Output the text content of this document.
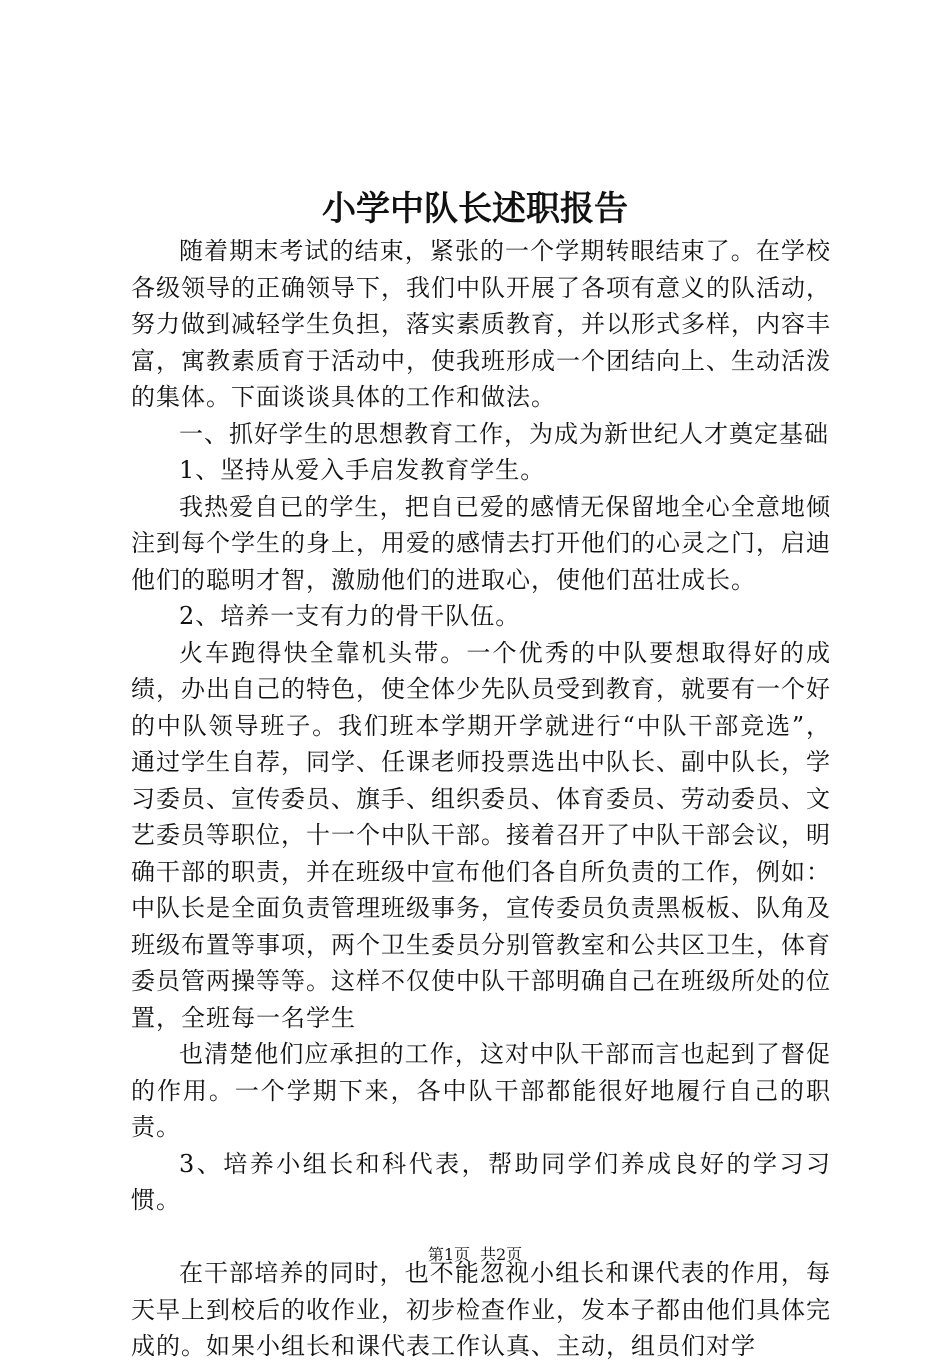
小学中队长述职报告

随着期末考试的结束，紧张的一个学期转眼结束了。在学校各级领导的正确领导下，我们中队开展了各项有意义的队活动，努力做到减轻学生负担，落实素质教育，并以形式多样，内容丰富，寓教素质育于活动中，使我班形成一个团结向上、生动活泼的集体。下面谈谈具体的工作和做法。

一、抓好学生的思想教育工作，为成为新世纪人才奠定基础

1、坚持从爱入手启发教育学生。

我热爱自已的学生，把自已爱的感情无保留地全心全意地倾注到每个学生的身上，用爱的感情去打开他们的心灵之门，启迪他们的聪明才智，激励他们的进取心，使他们茁壮成长。

2、培养一支有力的骨干队伍。

火车跑得快全靠机头带。一个优秀的中队要想取得好的成绩，办出自己的特色，使全体少先队员受到教育，就要有一个好的中队领导班子。我们班本学期开学就进行“中队干部竞选”，通过学生自荐，同学、任课老师投票选出中队长、副中队长，学习委员、宣传委员、旗手、组织委员、体育委员、劳动委员、文艺委员等职位，十一个中队干部。接着召开了中队干部会议，明确干部的职责，并在班级中宣布他们各自所负责的工作，例如：中队长是全面负责管理班级事务，宣传委员负责黑板板、队角及班级布置等事项，两个卫生委员分别管教室和公共区卫生，体育委员管两操等等。这样不仅使中队干部明确自己在班级所处的位置，全班每一名学生

也清楚他们应承担的工作，这对中队干部而言也起到了督促的作用。一个学期下来，各中队干部都能很好地履行自己的职责。

3、培养小组长和科代表，帮助同学们养成良好的学习习惯。

在干部培养的同时，也不能忽视小组长和课代表的作用，每天早上到校后的收作业，初步检查作业，发本子都由他们具体完成的。如果小组长和课代表工作认真、主动，组员们对学

第1页 共2页
